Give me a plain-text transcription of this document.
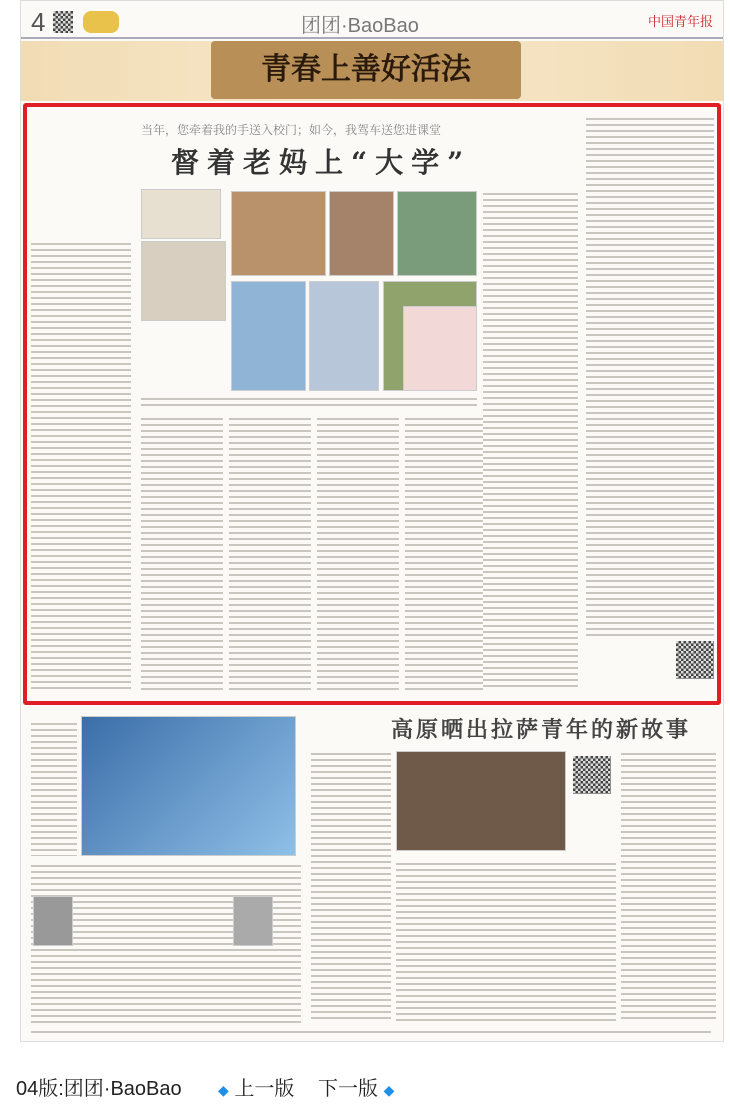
4	团团·BaoBao	中国青年报
青春上善好活法
当年，您牵着我的手送入校门；如今，我驾车送您进课堂
督着老妈上“大学”
高原晒出拉萨青年的新故事
04版:团团·BaoBao	◆ 上一版 下一版 ◆
